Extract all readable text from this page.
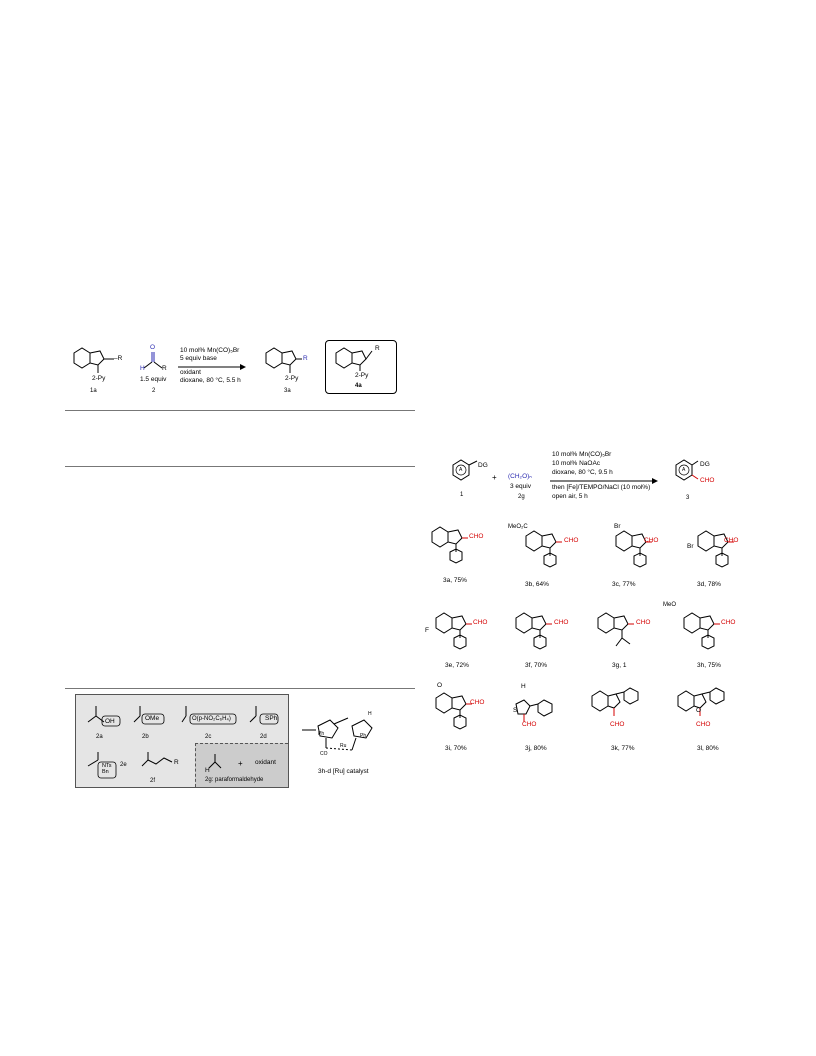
–R
2-Py
1a
O
H	R
1.5 equiv
2
10 mol% Mn(CO)₅Br
5 equiv base
oxidant
dioxane, 80 °C, 5.5 h
R
2-Py
3a
R
2-Py
4a
OH
2a
OMe
2b
O(p-NO₂C₆H₄)
2c
SPh
2d
NTs Bn
2e	R
2f
H
+ oxidant
2g: paraformaldehyde
H
Ph	Ph
Ru
CO
3h-d [Ru] catalyst
DG
A
1
+ (CH₂O)ₙ
3 equiv
2g
10 mol% Mn(CO)₅Br
10 mol% NaOAc
dioxane, 80 °C, 9.5 h
then [Fe]/TEMPO/NaCl (10 mol%)
open air, 5 h
A
DG
CHO
3
CHO
3a, 75%
MeO₂C
CHO
3b, 64%
Br
CHO
3c, 77%
Br
CHO
3d, 78%
F
CHO
3e, 72%
CHO
3f, 70%
CHO
3g, 1
MeO
CHO
3h, 75%
O
CHO
3i, 70%
H
S
CHO
3j, 80%
CHO
3k, 77%
O
CHO
3l, 80%
